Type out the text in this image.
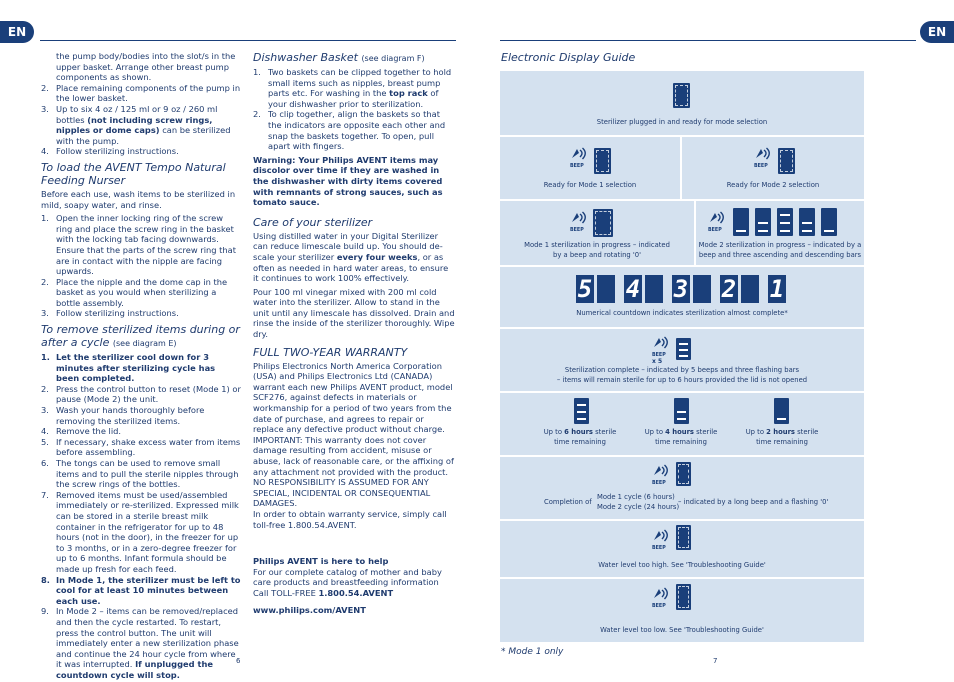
EN	EN
the pump body/bodies into the slot/s in the upper basket. Arrange other breast pump components as shown.
2. Place remaining components of the pump in the lower basket.
3. Up to six 4 oz / 125 ml or 9 oz / 260 ml bottles (not including screw rings, nipples or dome caps) can be sterilized with the pump.
4. Follow sterilizing instructions.
To load the AVENT Tempo Natural Feeding Nurser

Before each use, wash items to be sterilized in mild, soapy water, and rinse.

1. Open the inner locking ring of the screw ring and place the screw ring in the basket with the locking tab facing downwards. Ensure that the parts of the screw ring that are in contact with the nipple are facing upwards.
2. Place the nipple and the dome cap in the basket as you would when sterilizing a bottle assembly.
3. Follow sterilizing instructions.
To remove sterilized items during or after a cycle (see diagram E)
1. Let the sterilizer cool down for 3 minutes after sterilizing cycle has been completed.
2. Press the control button to reset (Mode 1) or pause (Mode 2) the unit.
3. Wash your hands thoroughly before removing the sterilized items.
4. Remove the lid.
5. If necessary, shake excess water from items before assembling.
6. The tongs can be used to remove small items and to pull the sterile nipples through the screw rings of the bottles.
7. Removed items must be used/assembled immediately or re-sterilized. Expressed milk can be stored in a sterile breast milk container in the refrigerator for up to 48 hours (not in the door), in the freezer for up to 3 months, or in a zero-degree freezer for up to 6 months. Infant formula should be made up fresh for each feed.
8. In Mode 1, the sterilizer must be left to cool for at least 10 minutes between each use.
9. In Mode 2 – items can be removed/replaced and then the cycle restarted. To restart, press the control button. The unit will immediately enter a new sterilization phase and continue the 24 hour cycle from where it was interrupted. If unplugged the countdown cycle will stop.
Dishwasher Basket (see diagram F)
1. Two baskets can be clipped together to hold small items such as nipples, breast pump parts etc. For washing in the top rack of your dishwasher prior to sterilization.
2. To clip together, align the baskets so that the indicators are opposite each other and snap the baskets together. To open, pull apart with fingers.

Warning: Your Philips AVENT items may discolor over time if they are washed in the dishwasher with dirty items covered with remnants of strong sauces, such as tomato sauce.

Care of your sterilizer

Using distilled water in your Digital Sterilizer can reduce limescale build up. You should de-scale your sterilizer every four weeks, or as often as needed in hard water areas, to ensure it continues to work 100% effectively.

Pour 100 ml vinegar mixed with 200 ml cold water into the sterilizer. Allow to stand in the unit until any limescale has dissolved. Drain and rinse the inside of the sterilizer thoroughly. Wipe dry.

FULL TWO-YEAR WARRANTY

Philips Electronics North America Corporation (USA) and Philips Electronics Ltd (CANADA) warrant each new Philips AVENT product, model SCF276, against defects in materials or workmanship for a period of two years from the date of purchase, and agrees to repair or replace any defective product without charge. IMPORTANT: This warranty does not cover damage resulting from accident, misuse or abuse, lack of reasonable care, or the affixing of any attachment not provided with the product. NO RESPONSIBILITY IS ASSUMED FOR ANY SPECIAL, INCIDENTAL OR CONSEQUENTIAL DAMAGES.

In order to obtain warranty service, simply call toll-free 1.800.54.AVENT.

Philips AVENT is here to help

For our complete catalog of mother and baby care products and breastfeeding information Call TOLL-FREE 1.800.54.AVENT

www.philips.com/AVENT

6	7
Electronic Display Guide
Sterilizer plugged in and ready for mode selection
BEEP
Ready for Mode 1 selection
BEEP
Ready for Mode 2 selection
BEEP
Mode 1 sterilization in progress – indicated
by a beep and rotating '0'
BEEP
Mode 2 sterilization in progress – indicated by a
beep and three ascending and descending bars
5 4 3 2 1
Numerical countdown indicates sterilization almost complete*
BEEP
x 5
Sterilization complete – indicated by 5 beeps and three flashing bars
– items will remain sterile for up to 6 hours provided the lid is not opened
Up to 6 hours sterile
time remaining
Up to 4 hours sterile
time remaining
Up to 2 hours sterile
time remaining
BEEP
Completion of
Mode 1 cycle (6 hours)
Mode 2 cycle (24 hours)
– indicated by a long beep and a flashing '0'
BEEP
Water level too high. See 'Troubleshooting Guide'
BEEP
Water level too low. See 'Troubleshooting Guide'
* Mode 1 only
